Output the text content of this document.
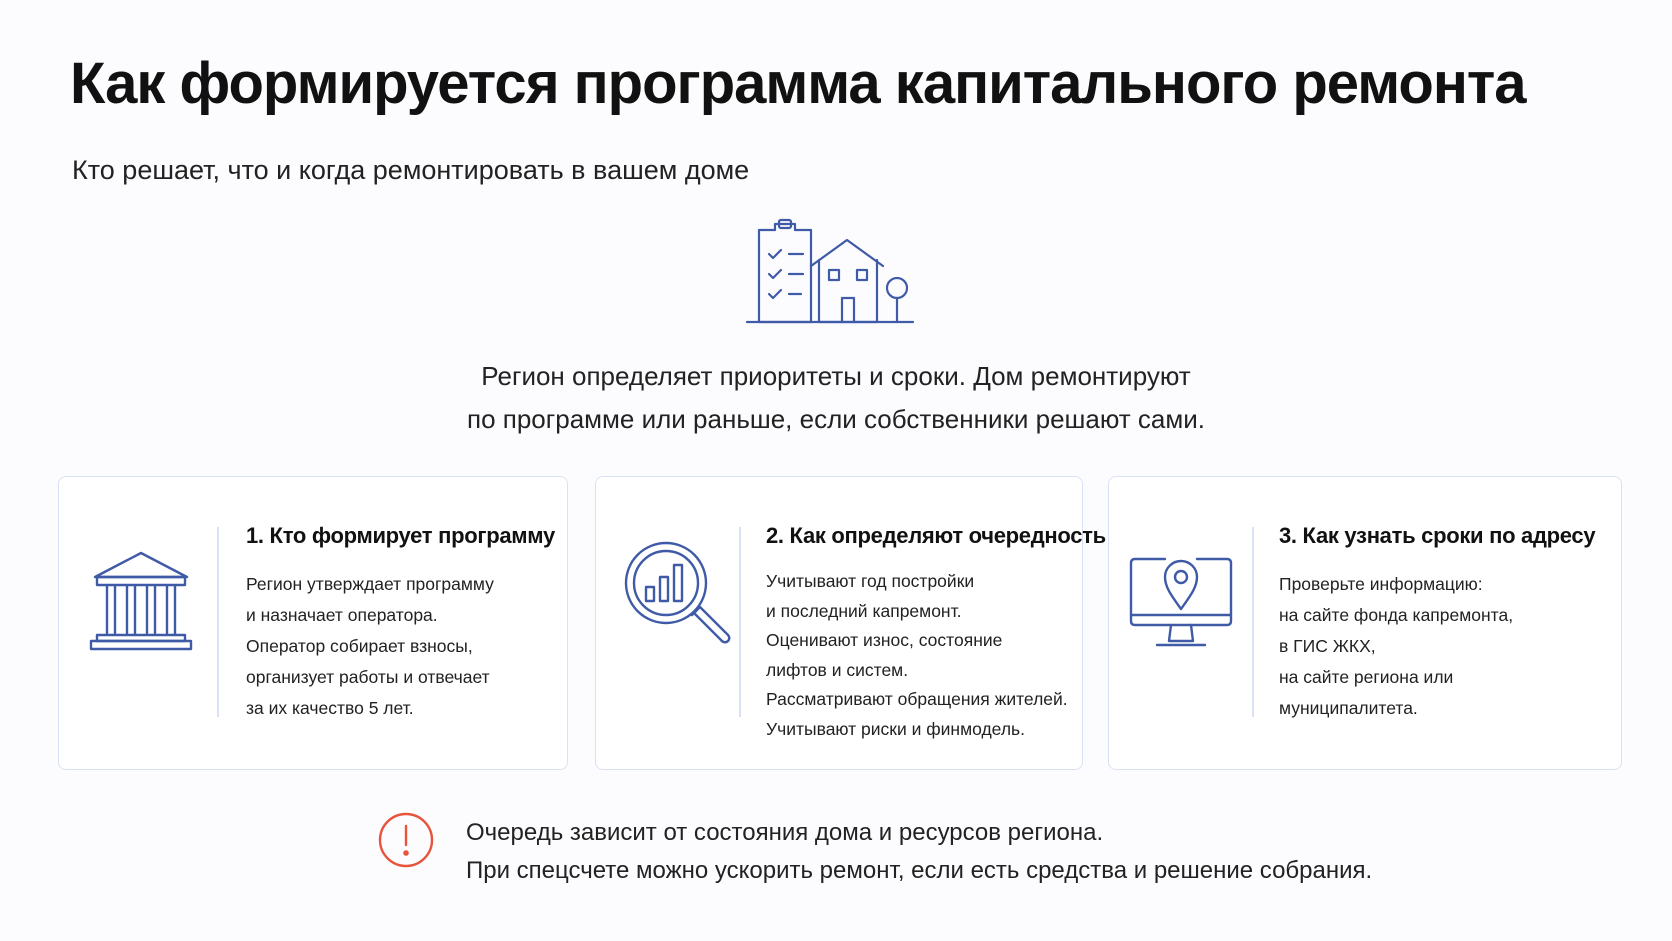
Как формируется программа капитального ремонта
Кто решает, что и когда ремонтировать в вашем доме
Регион определяет приоритеты и сроки. Дом ремонтируют
по программе или раньше, если собственники решают сами.
1. Кто формирует программу
Регион утверждает программу
и назначает оператора.
Оператор собирает взносы,
организует работы и отвечает
за их качество 5 лет.
2. Как определяют очередность
Учитывают год постройки
и последний капремонт.
Оценивают износ, состояние
лифтов и систем.
Рассматривают обращения жителей.
Учитывают риски и финмодель.
3. Как узнать сроки по адресу
Проверьте информацию:
на сайте фонда капремонта,
в ГИС ЖКХ,
на сайте региона или
муниципалитета.
Очередь зависит от состояния дома и ресурсов региона.
При спецсчете можно ускорить ремонт, если есть средства и решение собрания.
